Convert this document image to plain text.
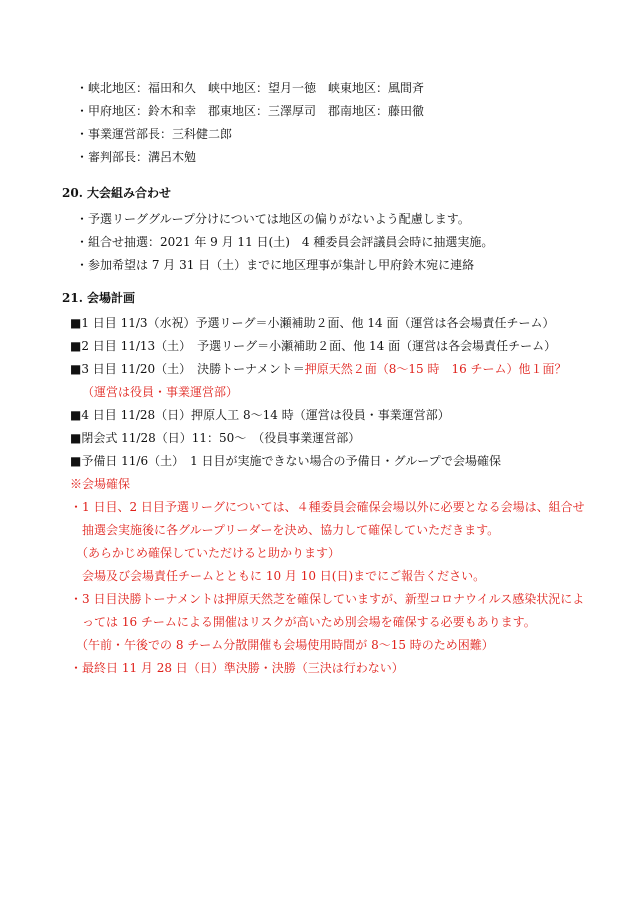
・峡北地区：福田和久　峡中地区：望月一徳　峡東地区：風間斉
・甲府地区：鈴木和幸　郡東地区：三澤厚司　郡南地区：藤田徹
・事業運営部長：三科健二郎
・審判部長：溝呂木勉
20. 大会組み合わせ
・予選リーググループ分けについては地区の偏りがないよう配慮します。
・組合せ抽選：2021 年 9 月 11 日(土)　4 種委員会評議員会時に抽選実施。
・参加希望は 7 月 31 日（土）までに地区理事が集計し甲府鈴木宛に連絡
21. 会場計画
■1 日目 11/3（水祝）予選リーグ＝小瀬補助２面、他 14 面（運営は各会場責任チーム）
■2 日目 11/13（土）　予選リーグ＝小瀬補助２面、他 14 面（運営は各会場責任チーム）
■3 日目 11/20（土）　決勝トーナメント＝押原天然２面（8～15 時　16 チーム）他１面？
（運営は役員・事業運営部）
■4 日目 11/28（日）押原人工 8～14 時（運営は役員・事業運営部）
■閉会式 11/28（日）11：50～　（役員事業運営部）
■予備日 11/6（土）　1 日目が実施できない場合の予備日・グループで会場確保
※会場確保
・1 日目、2 日目予選リーグについては、４種委員会確保会場以外に必要となる会場は、組合せ
　抽選会実施後に各グループリーダーを決め、協力して確保していただきます。
　（あらかじめ確保していただけると助かります）
　会場及び会場責任チームとともに 10 月 10 日(日)までにご報告ください。
・3 日目決勝トーナメントは押原天然芝を確保していますが、新型コロナウイルス感染状況によ
　っては 16 チームによる開催はリスクが高いため別会場を確保する必要もあります。
　（午前・午後での 8 チーム分散開催も会場使用時間が 8～15 時のため困難）
・最終日 11 月 28 日（日）準決勝・決勝（三決は行わない）
